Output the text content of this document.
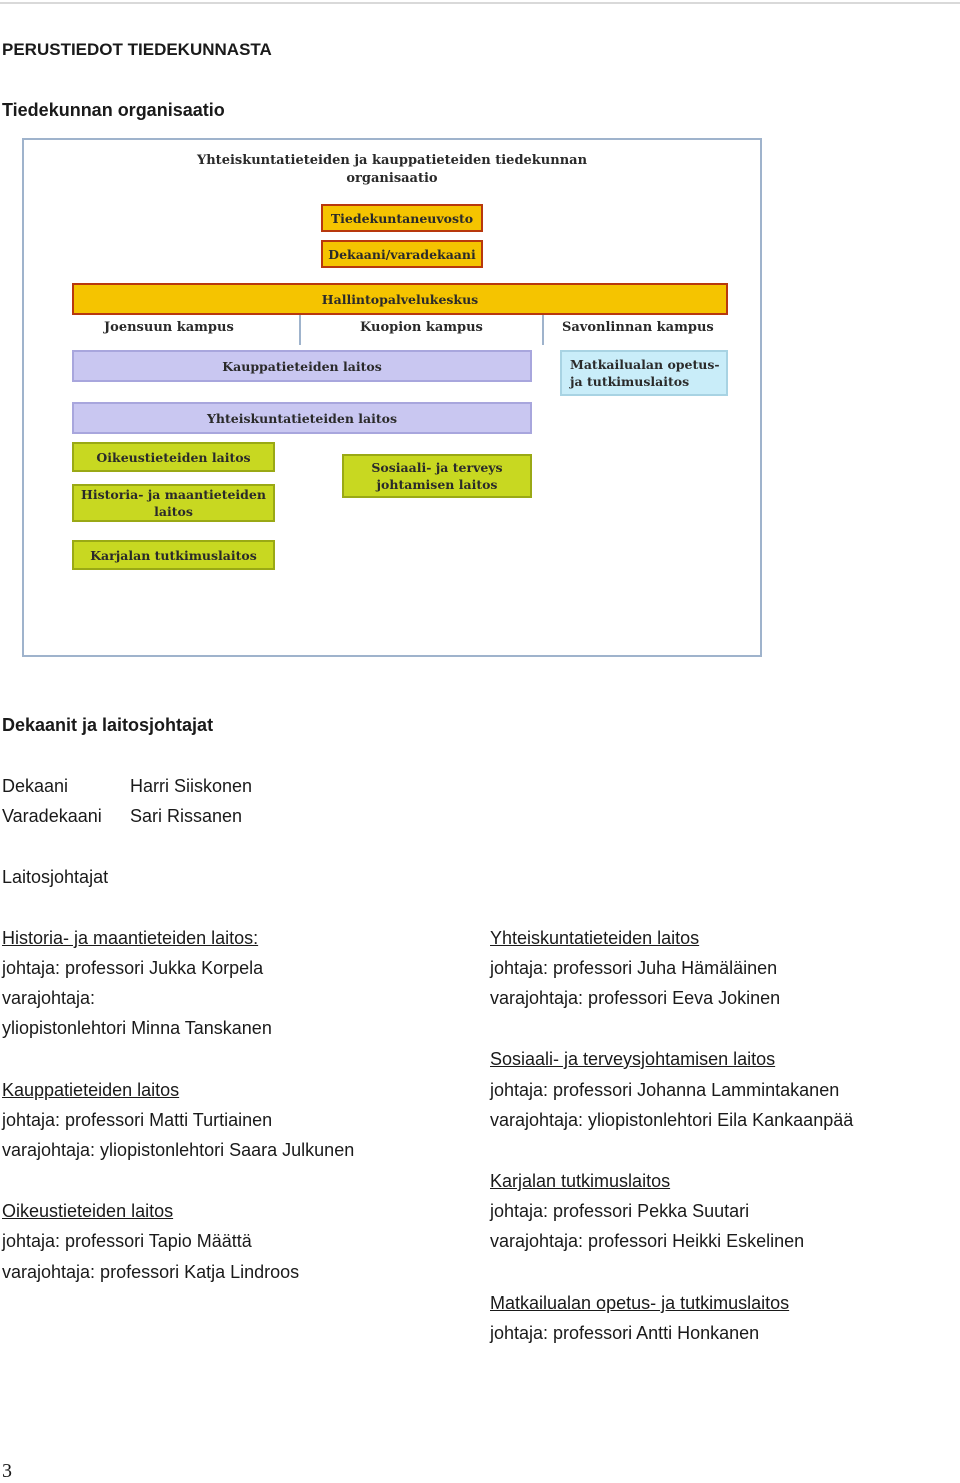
PERUSTIEDOT TIEDEKUNNASTA
Tiedekunnan organisaatio
Yhteiskuntatieteiden ja kauppatieteiden tiedekunnan
organisaatio
Tiedekuntaneuvosto
Dekaani/varadekaani
Hallintopalvelukeskus
Joensuun kampus	Kuopion kampus	Savonlinnan kampus
Kauppatieteiden laitos	Matkailualan opetus-
ja tutkimuslaitos
Yhteiskuntatieteiden laitos
Oikeustieteiden laitos
Historia- ja maantieteiden
laitos
Karjalan tutkimuslaitos
Sosiaali- ja terveys
johtamisen laitos
Dekaanit ja laitosjohtajat
Dekaani	Harri Siiskonen
Varadekaani Sari Rissanen
Laitosjohtajat
Historia- ja maantieteiden laitos:
johtaja: professori Jukka Korpela
varajohtaja:
yliopistonlehtori Minna Tanskanen
Kauppatieteiden laitos
johtaja: professori Matti Turtiainen
varajohtaja: yliopistonlehtori Saara Julkunen
Oikeustieteiden laitos
johtaja: professori Tapio Määttä
varajohtaja: professori Katja Lindroos
Yhteiskuntatieteiden laitos
johtaja: professori Juha Hämäläinen
varajohtaja: professori Eeva Jokinen
Sosiaali- ja terveysjohtamisen laitos
johtaja: professori Johanna Lammintakanen
varajohtaja: yliopistonlehtori Eila Kankaanpää
Karjalan tutkimuslaitos
johtaja: professori Pekka Suutari
varajohtaja: professori Heikki Eskelinen
Matkailualan opetus- ja tutkimuslaitos
johtaja: professori Antti Honkanen
3
